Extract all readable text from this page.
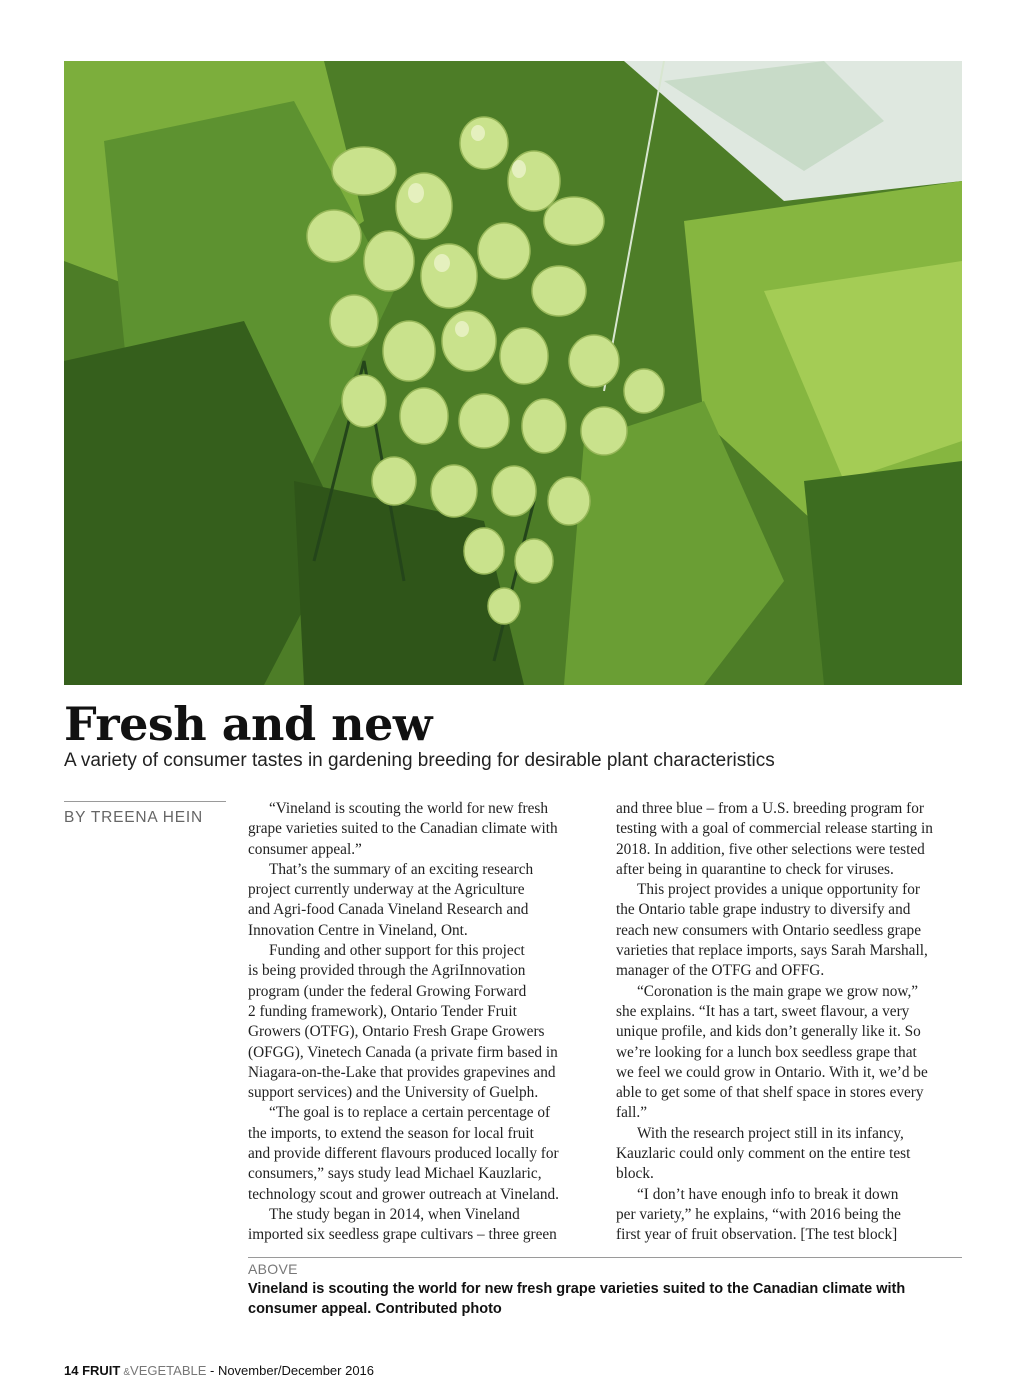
Fresh and new
A variety of consumer tastes in gardening breeding for desirable plant characteristics
BY TREENA HEIN

“Vineland is scouting the world for new fresh
grape varieties suited to the Canadian climate with
consumer appeal.”

That’s the summary of an exciting research
project currently underway at the Agriculture
and Agri-food Canada Vineland Research and
Innovation Centre in Vineland, Ont.

Funding and other support for this project
is being provided through the AgriInnovation
program (under the federal Growing Forward
2 funding framework), Ontario Tender Fruit
Growers (OTFG), Ontario Fresh Grape Growers
(OFGG), Vinetech Canada (a private firm based in
Niagara-on-the-Lake that provides grapevines and
support services) and the University of Guelph.

“The goal is to replace a certain percentage of
the imports, to extend the season for local fruit
and provide different flavours produced locally for
consumers,” says study lead Michael Kauzlaric,
technology scout and grower outreach at Vineland.

The study began in 2014, when Vineland
imported six seedless grape cultivars – three green

and three blue – from a U.S. breeding program for
testing with a goal of commercial release starting in
2018. In addition, five other selections were tested
after being in quarantine to check for viruses.

This project provides a unique opportunity for
the Ontario table grape industry to diversify and
reach new consumers with Ontario seedless grape
varieties that replace imports, says Sarah Marshall,
manager of the OTFG and OFFG.

“Coronation is the main grape we grow now,”
she explains. “It has a tart, sweet flavour, a very
unique profile, and kids don’t generally like it. So
we’re looking for a lunch box seedless grape that
we feel we could grow in Ontario. With it, we’d be
able to get some of that shelf space in stores every
fall.”

With the research project still in its infancy,
Kauzlaric could only comment on the entire test
block.

“I don’t have enough info to break it down
per variety,” he explains, “with 2016 being the
first year of fruit observation. [The test block]

ABOVE
Vineland is scouting the world for new fresh grape varieties suited to the Canadian climate with consumer appeal. Contributed photo
14 FRUIT &VEGETABLE - November/December 2016
